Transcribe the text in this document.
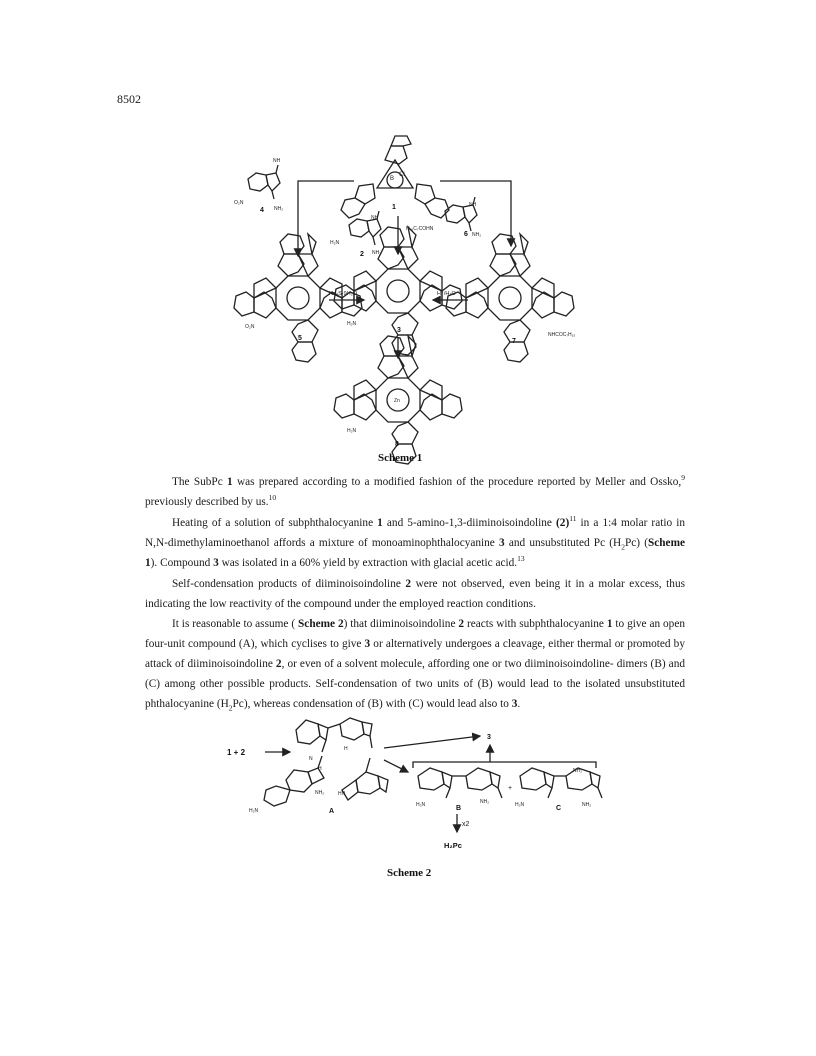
8502
B
Cl
1
O₂N
NH
NH₂
4
H₂N
NH
NH₂
2
H₁₅C₇COHN
NH
NH₂
6
O₂N
5
H₂N
3
NHCOC₇H₁₅
7
Na₂S·9H₂O	H⁺/H₂O
Zn
H₂N
8
Scheme 1
The SubPc 1 was prepared according to a modified fashion of the procedure reported by Meller and Ossko,$^9$ previously described by us.$^{10}$
Heating of a solution of subphthalocyanine 1 and 5-amino-1,3-diiminoisoindoline $(2)^{11}$ in a 1:4 molar ratio in N,N-dimethylaminoethanol affords a mixture of monoaminophthalocyanine 3 and unsubstituted Pc $(H_2Pc)$ (Scheme 1). Compound 3 was isolated in a 60% yield by extraction with glacial acetic acid.$^{13}$
Self-condensation products of diiminoisoindoline 2 were not observed, even being it in a molar excess, thus indicating the low reactivity of the compound under the employed reaction conditions.
It is reasonable to assume ( Scheme 2) that diiminoisoindoline 2 reacts with subphthalocyanine 1 to give an open four-unit compound (A), which cyclises to give 3 or alternatively undergoes a cleavage, either thermal or promoted by attack of diiminoisoindoline 2, or even of a solvent molecule, affording one or two diiminoisoindoline- dimers (B) and (C) among other possible products. Self-condensation of two units of (B) would lead to the isolated unsubstituted phthalocyanine $(H_2Pc)$, whereas condensation of (B) with (C) would lead also to 3.
1 + 2
N
H
H
NH₂	HN
H₂N	A
3
H₂N	NH₂
B
+
NH₂
H₂N	NH₂
C
x2
H₂Pc
Scheme 2
